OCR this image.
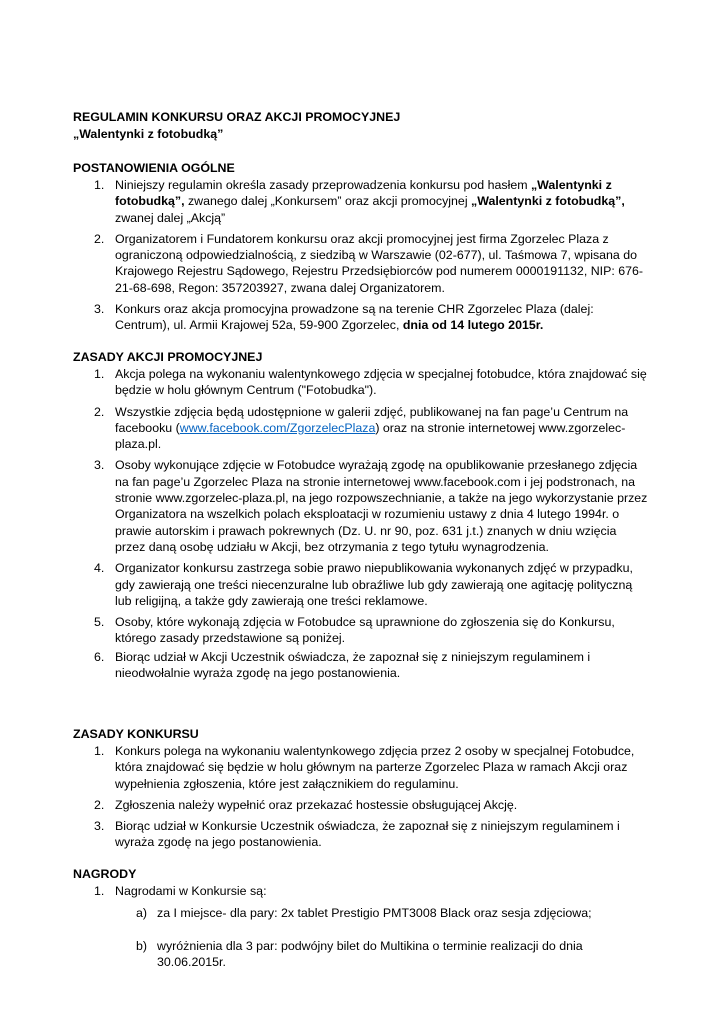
REGULAMIN KONKURSU ORAZ AKCJI PROMOCYJNEJ
„Walentynki z fotobudką”
POSTANOWIENIA OGÓLNE
1. Niniejszy regulamin określa zasady przeprowadzenia konkursu pod hasłem „Walentynki z fotobudką”, zwanego dalej „Konkursem” oraz akcji promocyjnej „Walentynki z fotobudką”, zwanej dalej „Akcją”
2. Organizatorem i Fundatorem konkursu oraz akcji promocyjnej jest firma Zgorzelec Plaza z ograniczoną odpowiedzialnością, z siedzibą w Warszawie (02-677), ul. Taśmowa 7, wpisana do Krajowego Rejestru Sądowego, Rejestru Przedsiębiorców pod numerem 0000191132, NIP: 676-21-68-698, Regon: 357203927, zwana dalej Organizatorem.
3. Konkurs oraz akcja promocyjna prowadzone są na terenie CHR Zgorzelec Plaza (dalej: Centrum), ul. Armii Krajowej 52a, 59-900 Zgorzelec, dnia od 14 lutego 2015r.
ZASADY AKCJI PROMOCYJNEJ
1. Akcja polega na wykonaniu walentynkowego zdjęcia w specjalnej fotobudce, która znajdować się będzie w holu głównym Centrum ("Fotobudka").
2. Wszystkie zdjęcia będą udostępnione w galerii zdjęć, publikowanej na fan page’u Centrum na facebooku (www.facebook.com/ZgorzelecPlaza) oraz na stronie internetowej www.zgorzelec-plaza.pl.
3. Osoby wykonujące zdjęcie w Fotobudce wyrażają zgodę na opublikowanie przesłanego zdjęcia na fan page’u Zgorzelec Plaza na stronie internetowej www.facebook.com i jej podstronach, na stronie www.zgorzelec-plaza.pl, na jego rozpowszechnianie, a także na jego wykorzystanie przez Organizatora na wszelkich polach eksploatacji w rozumieniu ustawy z dnia 4 lutego 1994r. o prawie autorskim i prawach pokrewnych (Dz. U. nr 90, poz. 631 j.t.) znanych w dniu wzięcia przez daną osobę udziału w Akcji, bez otrzymania z tego tytułu wynagrodzenia.
4. Organizator konkursu zastrzega sobie prawo niepublikowania wykonanych zdjęć w przypadku, gdy zawierają one treści niecenzuralne lub obraźliwe lub gdy zawierają one agitację polityczną lub religijną, a także gdy zawierają one treści reklamowe.
5. Osoby, które wykonają zdjęcia w Fotobudce są uprawnione do zgłoszenia się do Konkursu, którego zasady przedstawione są poniżej.
6. Biorąc udział w Akcji Uczestnik oświadcza, że zapoznał się z niniejszym regulaminem i nieodwołalnie wyraża zgodę na jego postanowienia.
ZASADY KONKURSU
1. Konkurs polega na wykonaniu walentynkowego zdjęcia przez 2 osoby w specjalnej Fotobudce, która znajdować się będzie w holu głównym na parterze Zgorzelec Plaza w ramach Akcji oraz wypełnienia zgłoszenia, które jest załącznikiem do regulaminu.
2. Zgłoszenia należy wypełnić oraz przekazać hostessie obsługującej Akcję.
3. Biorąc udział w Konkursie Uczestnik oświadcza, że zapoznał się z niniejszym regulaminem i wyraża zgodę na jego postanowienia.
NAGRODY
1. Nagrodami w Konkursie są:
a) za I miejsce- dla pary: 2x tablet Prestigio PMT3008 Black oraz sesja zdjęciowa;
b) wyróżnienia dla 3 par: podwójny bilet do Multikina o terminie realizacji do dnia 30.06.2015r.
